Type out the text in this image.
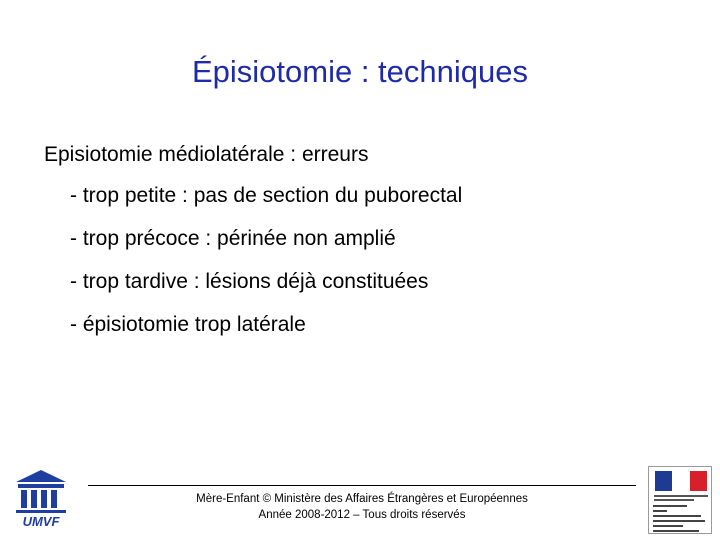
Épisiotomie : techniques

Episiotomie médiolatérale : erreurs

- trop petite : pas de section du puborectal
- trop précoce : périnée non amplié
- trop tardive : lésions déjà constituées
- épisiotomie trop latérale
UMVF
Mère-Enfant © Ministère des Affaires Étrangères et Européennes
Année 2008-2012 – Tous droits réservés
